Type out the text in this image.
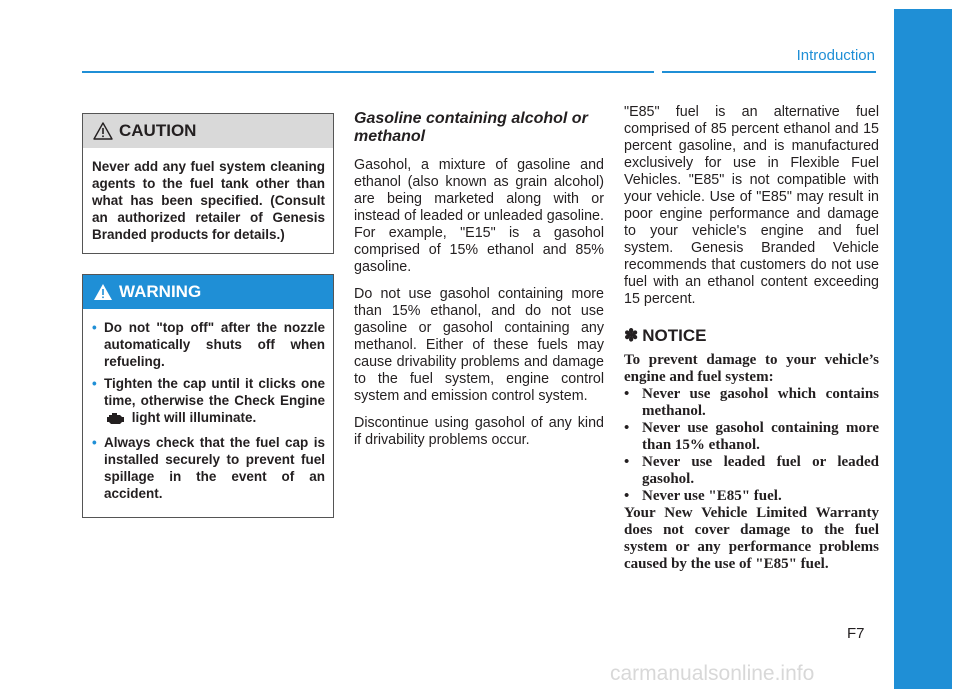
Introduction
CAUTION
Never add any fuel system cleaning agents to the fuel tank other than what has been specified. (Consult an authorized retailer of Genesis Branded products for details.)
WARNING
• Do not "top off" after the nozzle automatically shuts off when refueling.
• Tighten the cap until it clicks one time, otherwise the Check Engine  light will illuminate.
• Always check that the fuel cap is installed securely to prevent fuel spillage in the event of an accident.
Gasoline containing alcohol or methanol

Gasohol, a mixture of gasoline and ethanol (also known as grain alcohol) are being marketed along with or instead of leaded or unleaded gasoline. For example, "E15" is a gasohol comprised of 15% ethanol and 85% gasoline.

Do not use gasohol containing more than 15% ethanol, and do not use gasoline or gasohol containing any methanol. Either of these fuels may cause drivability problems and damage to the fuel system, engine control system and emission control system.

Discontinue using gasohol of any kind if drivability problems occur.

"E85" fuel is an alternative fuel comprised of 85 percent ethanol and 15 percent gasoline, and is manufactured exclusively for use in Flexible Fuel Vehicles. "E85" is not compatible with your vehicle. Use of "E85" may result in poor engine performance and damage to your vehicle's engine and fuel system. Genesis Branded Vehicle recommends that customers do not use fuel with an ethanol content exceeding 15 percent.

✽ NOTICE
To prevent damage to your vehicle’s engine and fuel system:
• Never use gasohol which contains methanol.
• Never use gasohol containing more than 15% ethanol.
• Never use leaded fuel or leaded gasohol.
• Never use "E85" fuel.
Your New Vehicle Limited Warranty does not cover damage to the fuel system or any performance problems caused by the use of "E85" fuel.
F7
carmanualsonline.info
